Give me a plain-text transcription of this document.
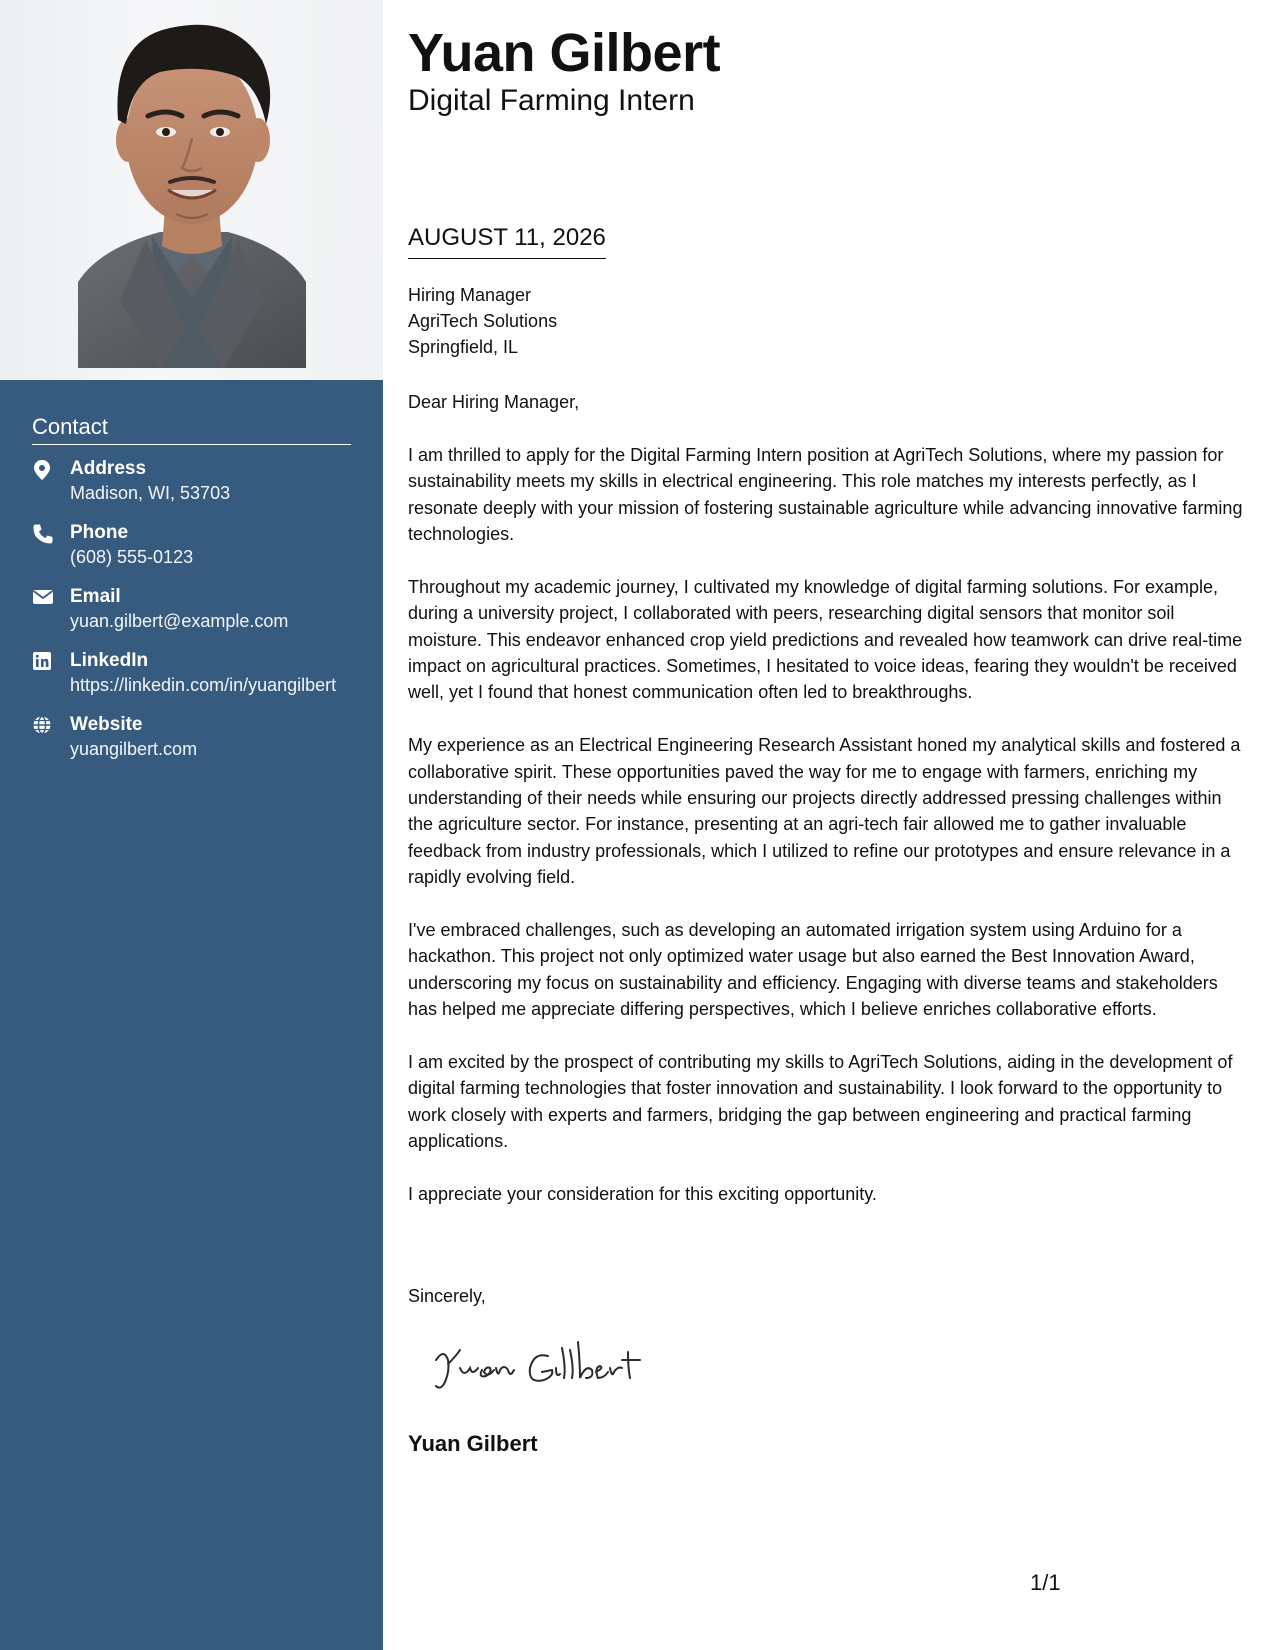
Contact
Address
Madison, WI, 53703
Phone
(608) 555-0123
Email
yuan.gilbert@example.com
LinkedIn
https://linkedin.com/in/yuangilbert
Website
yuangilbert.com
Yuan Gilbert
Digital Farming Intern
AUGUST 11, 2026
Hiring Manager
AgriTech Solutions
Springfield, IL

Dear Hiring Manager,

I am thrilled to apply for the Digital Farming Intern position at AgriTech Solutions, where my passion for sustainability meets my skills in electrical engineering. This role matches my interests perfectly, as I resonate deeply with your mission of fostering sustainable agriculture while advancing innovative farming technologies.

Throughout my academic journey, I cultivated my knowledge of digital farming solutions. For example, during a university project, I collaborated with peers, researching digital sensors that monitor soil moisture. This endeavor enhanced crop yield predictions and revealed how teamwork can drive real-time impact on agricultural practices. Sometimes, I hesitated to voice ideas, fearing they wouldn't be received well, yet I found that honest communication often led to breakthroughs.

My experience as an Electrical Engineering Research Assistant honed my analytical skills and fostered a collaborative spirit. These opportunities paved the way for me to engage with farmers, enriching my understanding of their needs while ensuring our projects directly addressed pressing challenges within the agriculture sector. For instance, presenting at an agri-tech fair allowed me to gather invaluable feedback from industry professionals, which I utilized to refine our prototypes and ensure relevance in a rapidly evolving field.

I've embraced challenges, such as developing an automated irrigation system using Arduino for a hackathon. This project not only optimized water usage but also earned the Best Innovation Award, underscoring my focus on sustainability and efficiency. Engaging with diverse teams and stakeholders has helped me appreciate differing perspectives, which I believe enriches collaborative efforts.

I am excited by the prospect of contributing my skills to AgriTech Solutions, aiding in the development of digital farming technologies that foster innovation and sustainability. I look forward to the opportunity to work closely with experts and farmers, bridging the gap between engineering and practical farming applications.

I appreciate your consideration for this exciting opportunity.

Sincerely,
Yuan Gilbert
1/1
